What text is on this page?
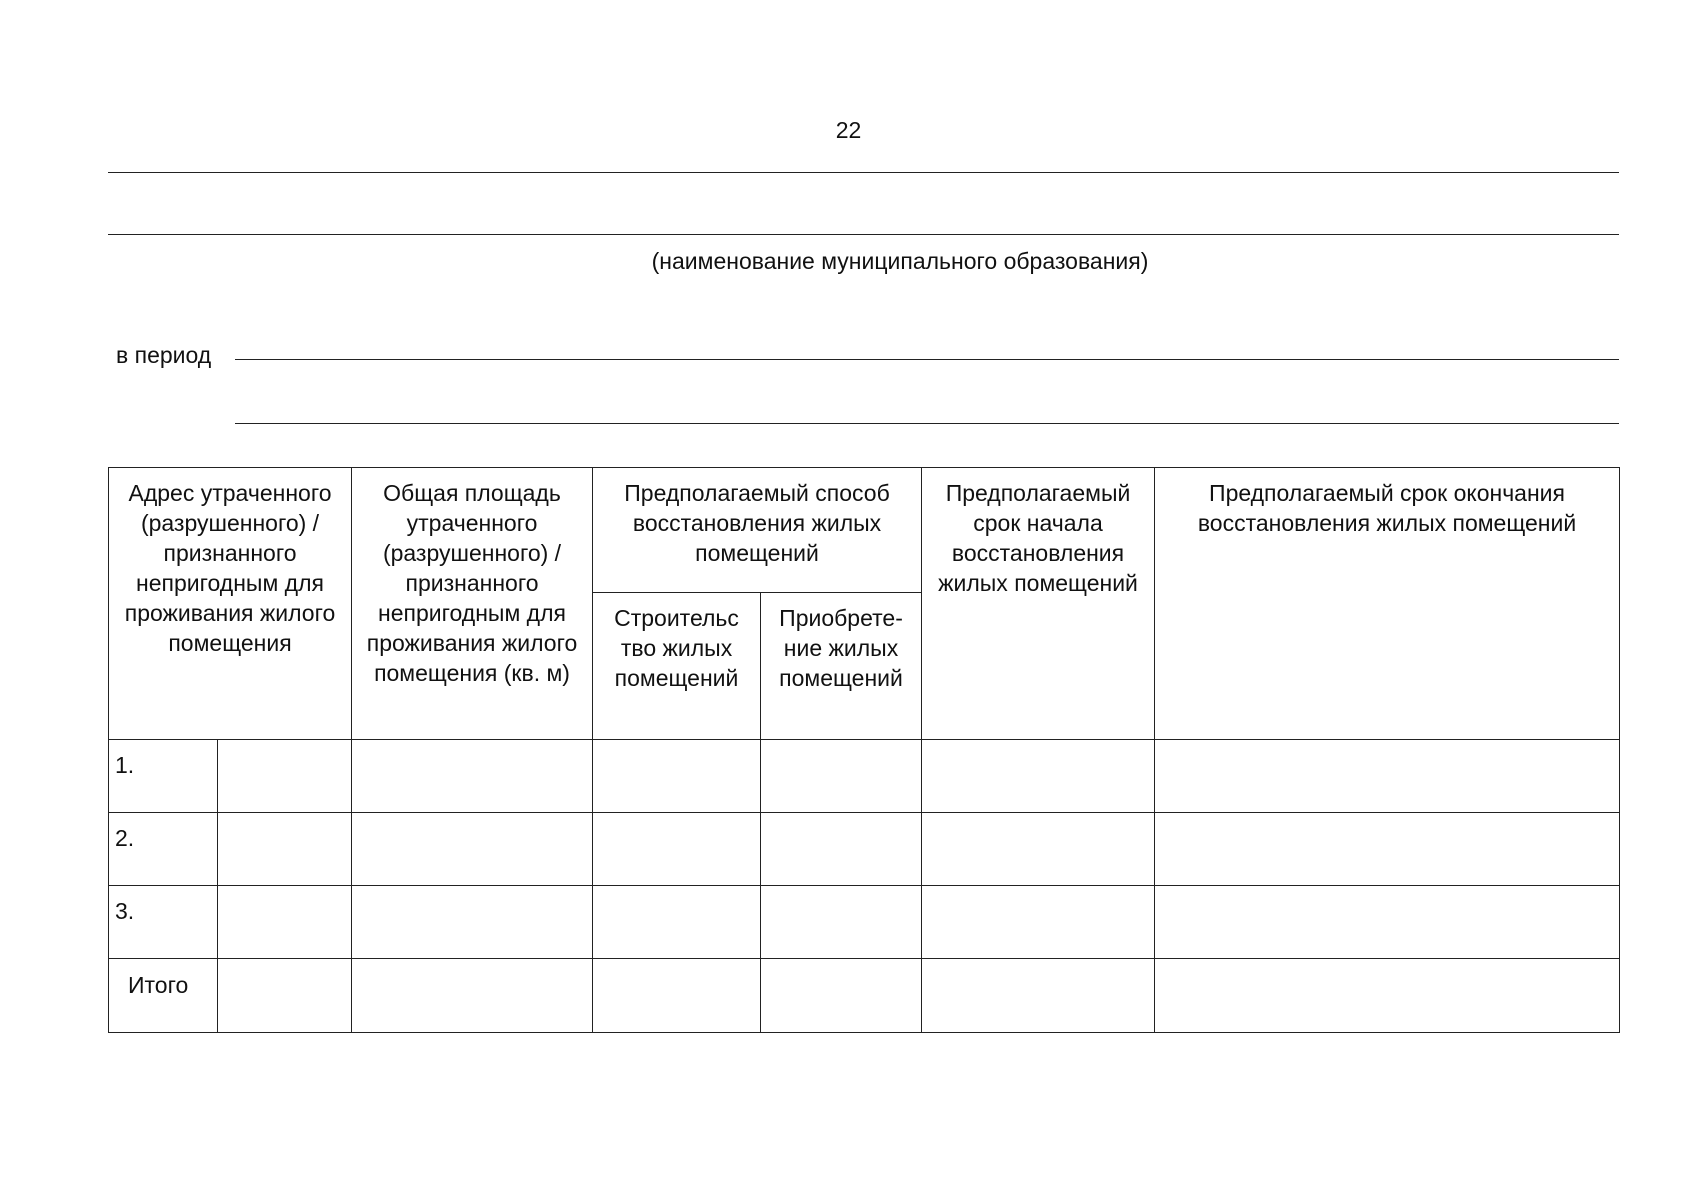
22
(наименование муниципального образования)
в период
Адрес утраченного (разрушенного) / признанного непригодным для проживания жилого помещения		Общая площадь утраченного (разрушенного) / признанного непригодным для проживания жилого помещения (кв. м)	Предполагаемый способ восстановления жилых помещений		Предполагаемый срок начала восстановления жилых помещений	Предполагаемый срок окончания восстановления жилых помещений
			Строительс тво жилых помещений	Приобрете-ние жилых помещений		
1.						
2.						
3.						
Итого						
